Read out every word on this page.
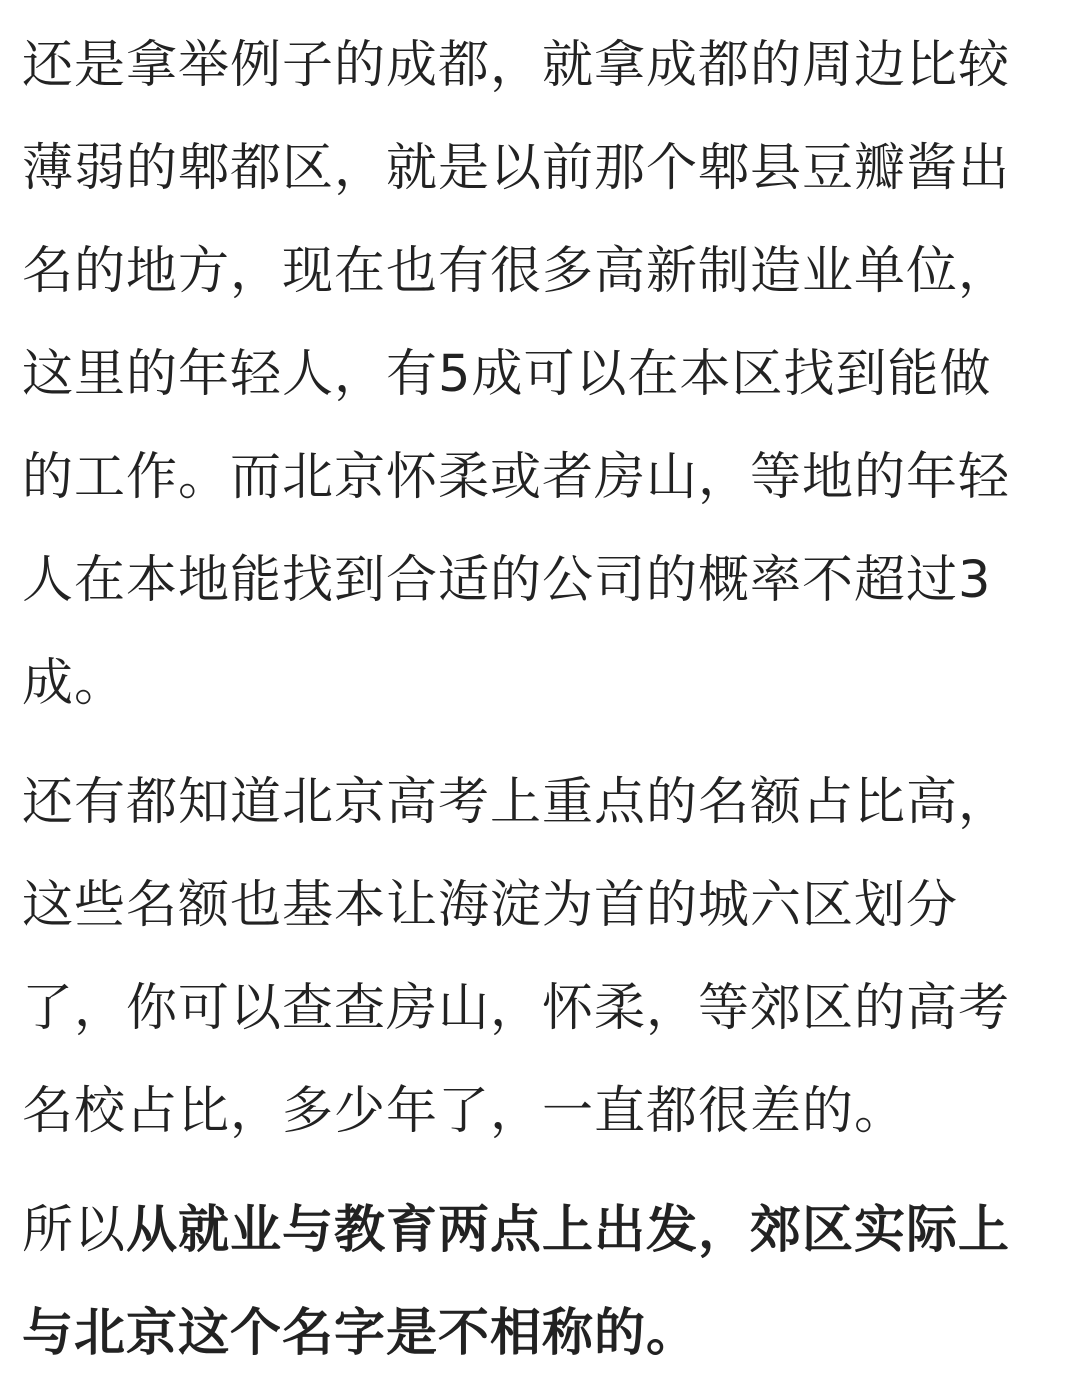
还是拿举例子的成都，就拿成都的周边比较
薄弱的郫都区，就是以前那个郫县豆瓣酱出
名的地方，现在也有很多高新制造业单位，
这里的年轻人，有5成可以在本区找到能做
的工作。而北京怀柔或者房山，等地的年轻
人在本地能找到合适的公司的概率不超过3
成。
还有都知道北京高考上重点的名额占比高，
这些名额也基本让海淀为首的城六区划分
了，你可以查查房山，怀柔，等郊区的高考
名校占比，多少年了，一直都很差的。
所以从就业与教育两点上出发，郊区实际上
与北京这个名字是不相称的。
